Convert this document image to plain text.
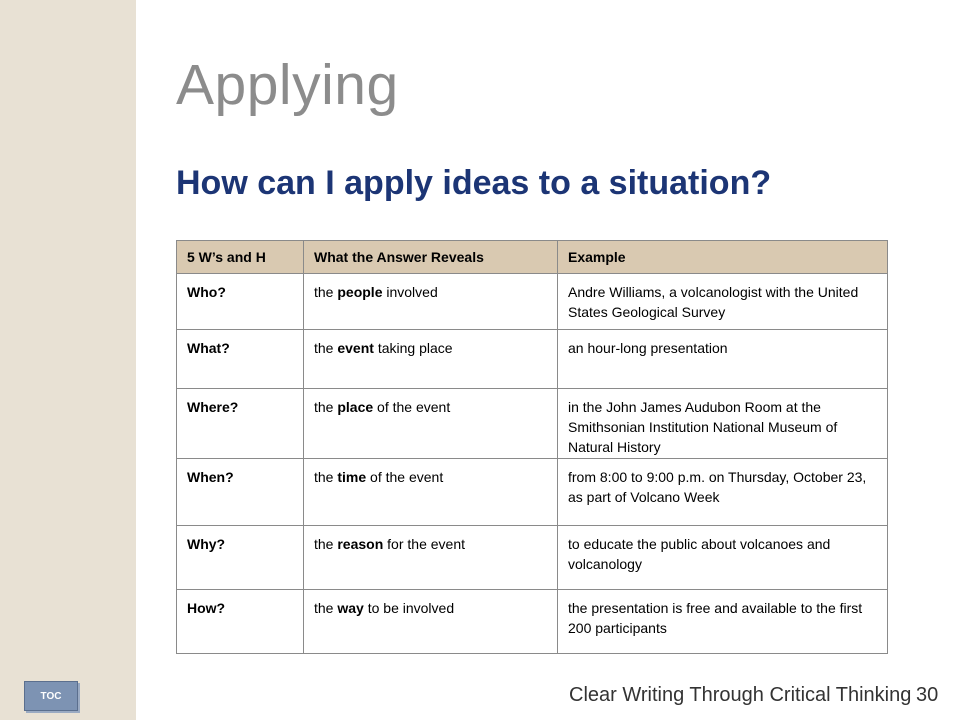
Applying
How can I apply ideas to a situation?
5 W’s and H	What the Answer Reveals	Example
Who?	the people involved	Andre Williams, a volcanologist with the United States Geological Survey
What?	the event taking place	an hour-long presentation
Where?	the place of the event	in the John James Audubon Room at the Smithsonian Institution National Museum of Natural History
When?	the time of the event	from 8:00 to 9:00 p.m. on Thursday, October 23, as part of Volcano Week
Why?	the reason for the event	to educate the public about volcanoes and volcanology
How?	the way to be involved	the presentation is free and available to the first 200 participants
TOC	Clear Writing Through Critical Thinking 30
